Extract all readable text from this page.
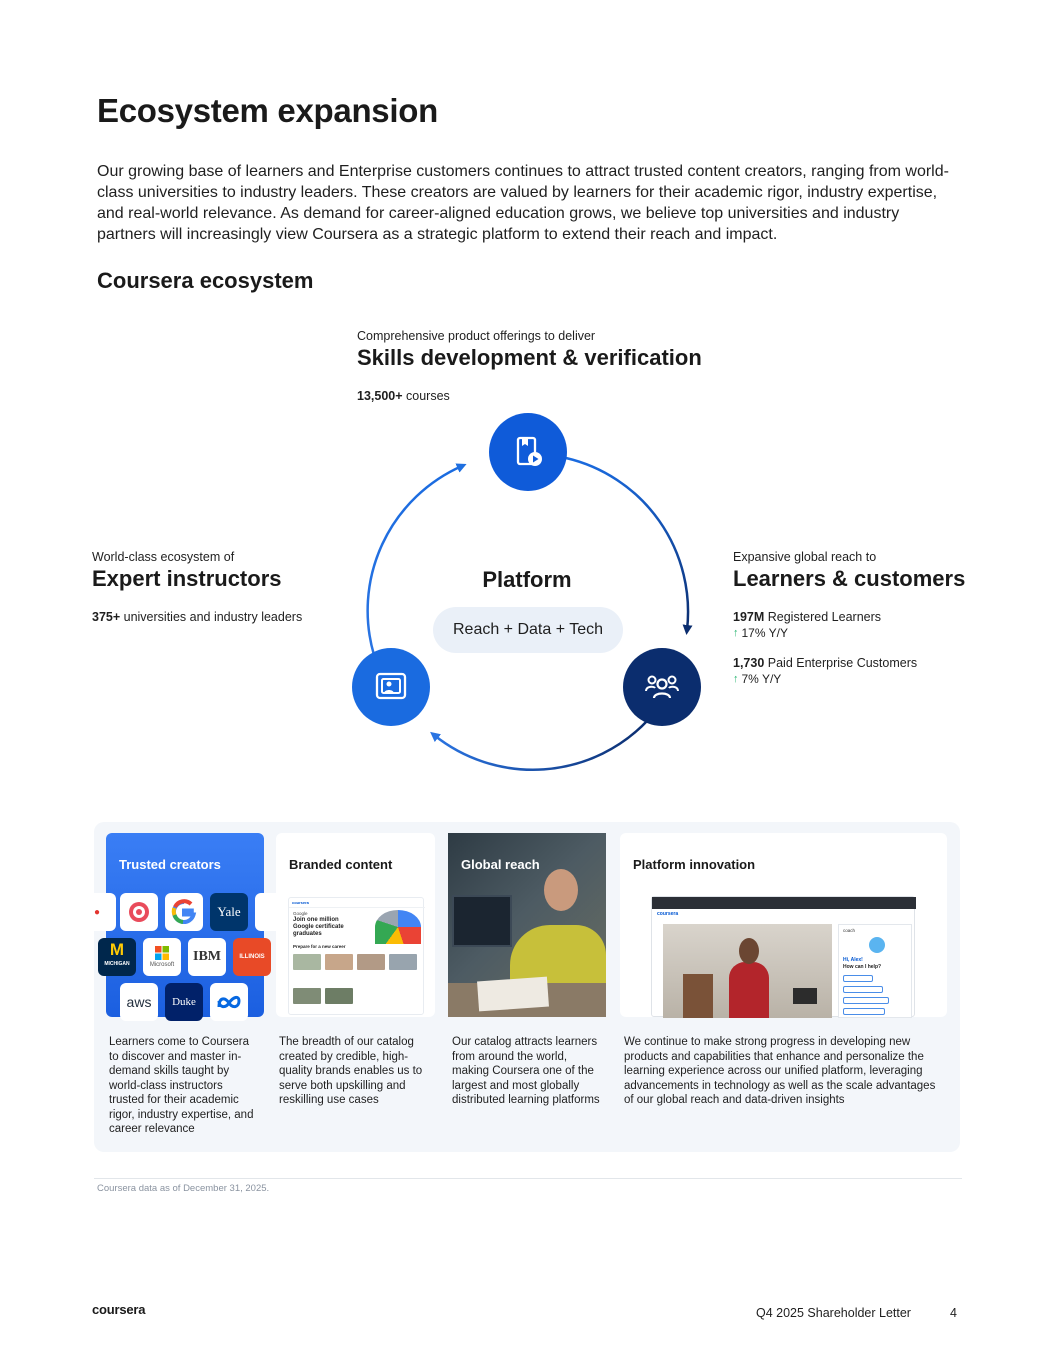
Ecosystem expansion

Our growing base of learners and Enterprise customers continues to attract trusted content creators, ranging from world-class universities to industry leaders. These creators are valued by learners for their academic rigor, industry expertise, and real-world relevance. As demand for career-aligned education grows, we believe top universities and industry partners will increasingly view Coursera as a strategic platform to extend their reach and impact.

Coursera ecosystem
Comprehensive product offerings to deliver
Skills development & verification
13,500+ courses
World-class ecosystem of
Expert instructors
375+ universities and industry leaders
Expansive global reach to
Learners & customers
197M Registered Learners
↑ 17% Y/Y
1,730 Paid Enterprise Customers
↑ 7% Y/Y
Platform
Reach + Data + Tech
Trusted creators
●	Yale
M
MICHIGAN	Microsoft
IBM	ILLINOIS
aws Duke
Branded content
coursera
Google
Join one million Google certificate graduates
Prepare for a new career
Global reach	Platform innovation
coursera
coach
Hi, Alex!
How can I help?

Learners come to Coursera to discover and master in-demand skills taught by world-class instructors trusted for their academic rigor, industry expertise, and career relevance

The breadth of our catalog created by credible, high-quality brands enables us to serve both upskilling and reskilling use cases

Our catalog attracts learners from around the world, making Coursera one of the largest and most globally distributed learning platforms

We continue to make strong progress in developing new products and capabilities that enhance and personalize the learning experience across our unified platform, leveraging advancements in technology as well as the scale advantages of our global reach and data-driven insights

Coursera data as of December 31, 2025.
coursera	Q4 2025 Shareholder Letter	4
